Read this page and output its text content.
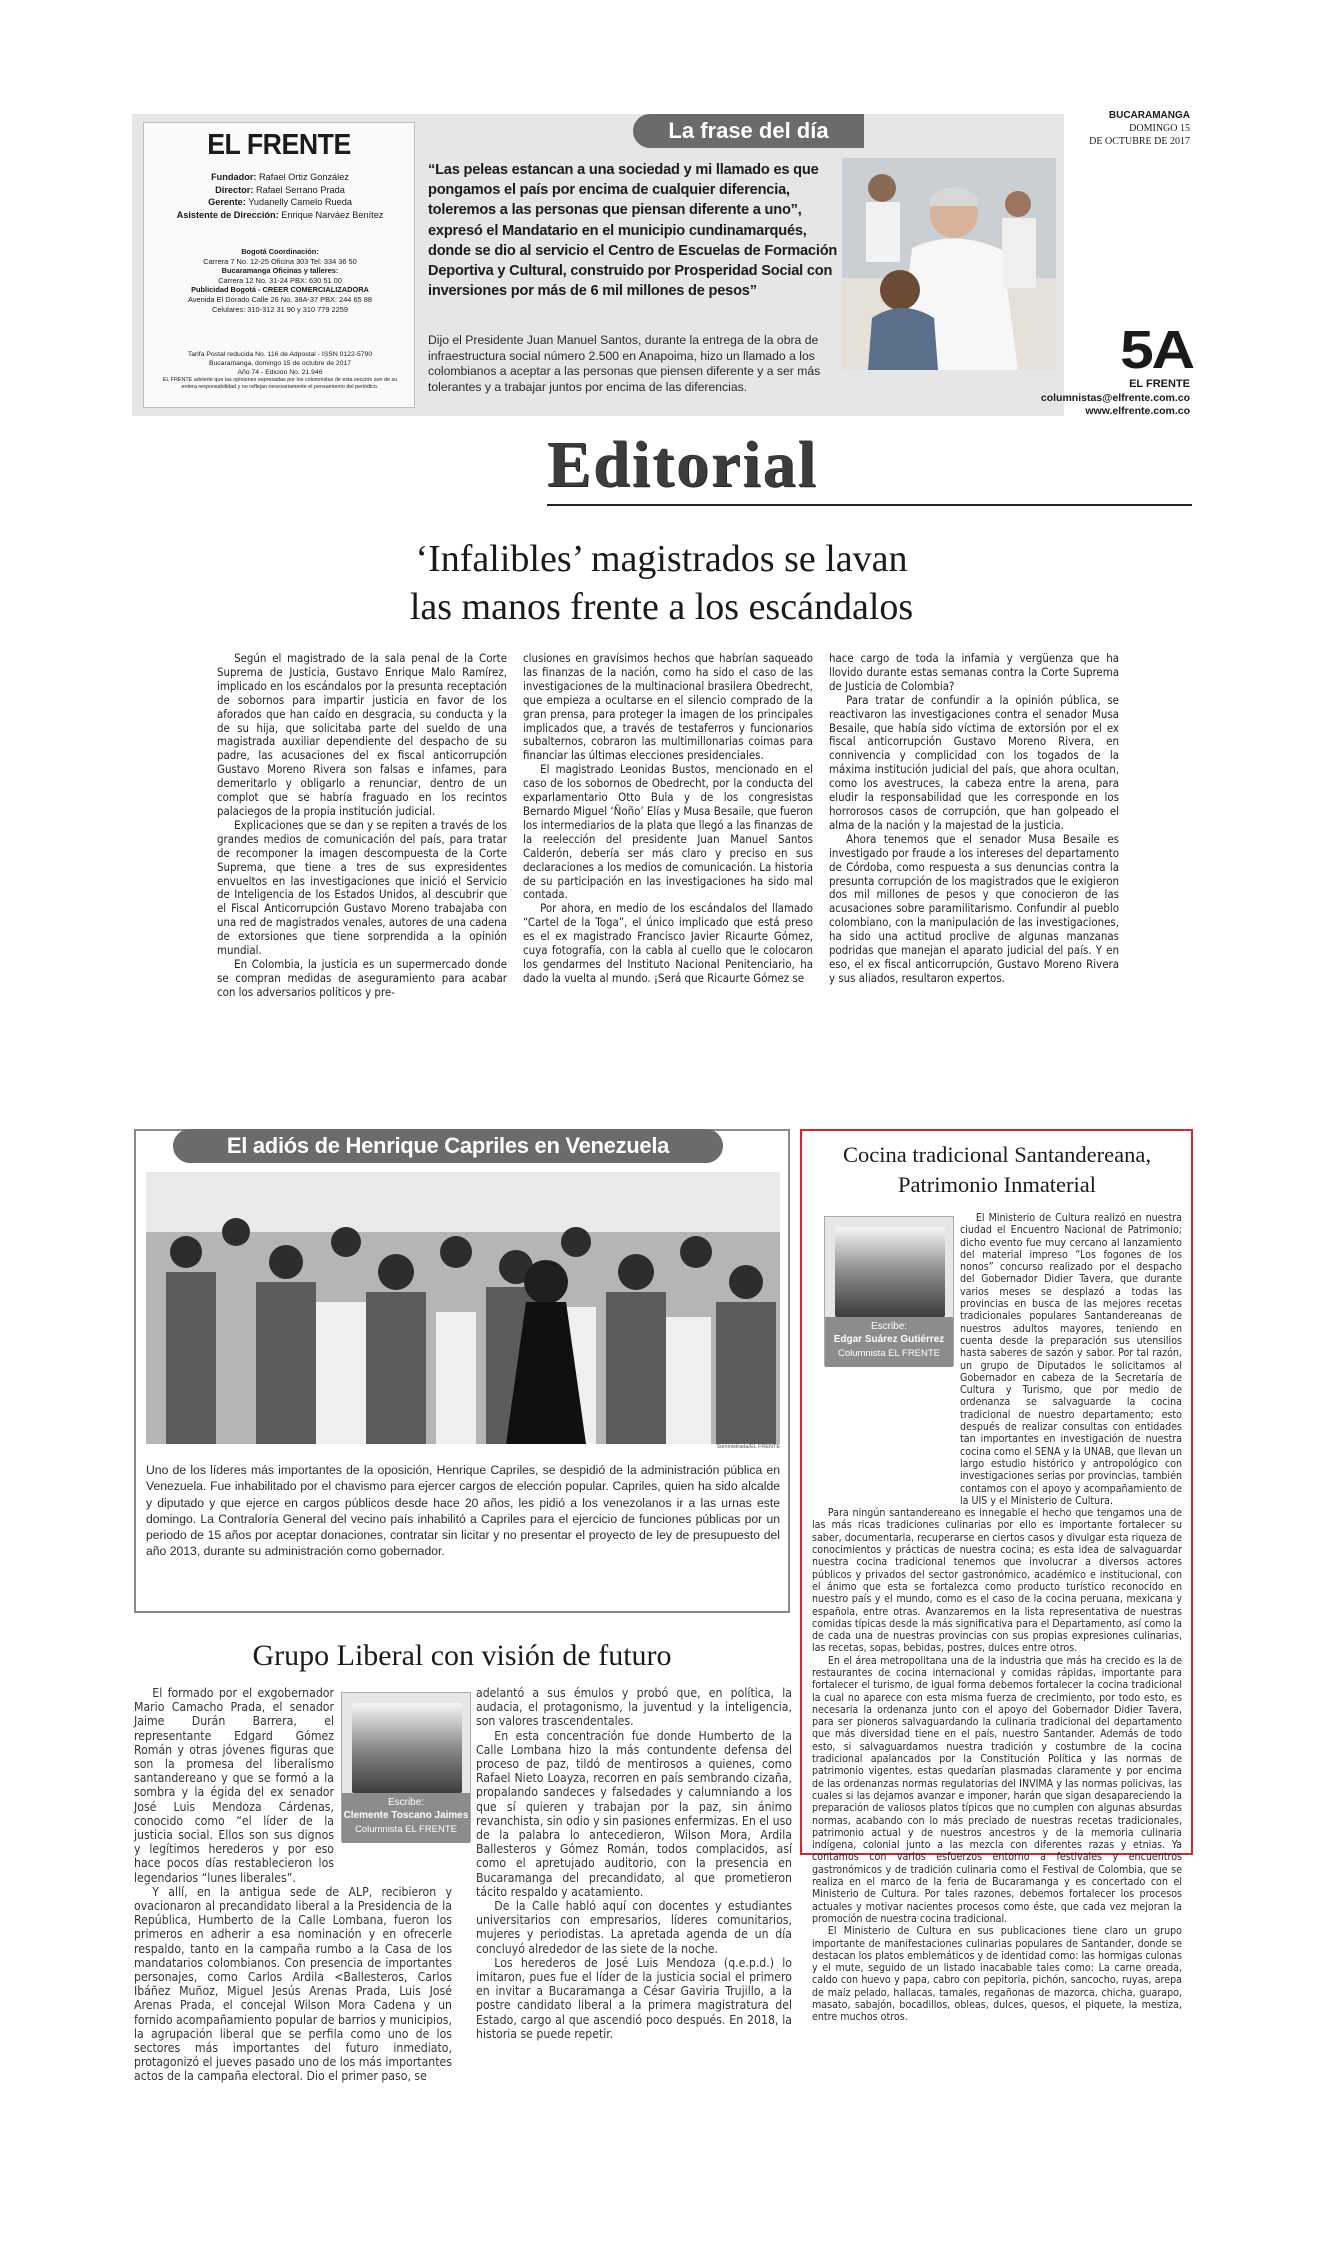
EL FRENTE
Fundador: Rafael Ortiz González
Director: Rafael Serrano Prada
Gerente: Yudanelly Camelo Rueda
Asistente de Dirección: Enrique Narváez Benítez
Bogotá Coordinación:
Carrera 7 No. 12-25 Oficina 303 Tel: 334 36 50
Bucaramanga Oficinas y talleres:
Carrera 12 No. 31-24 PBX: 630 51 00
Publicidad Bogotá - CREER COMERCIALIZADORA
Avenida El Dorado Calle 26 No. 38A-37 PBX: 244 65 88
Celulares: 310-312 31 90 y 310 779 2259
Tarifa Postal reducida No. 116 de Adpostal - ISSN 0122-5790
Bucaramanga, domingo 15 de octubre de 2017
Año 74 - Edición No. 21.946
EL FRENTE advierte que las opiniones expresadas por los columnistas de esta sección son de su entera responsabilidad y no reflejan necesariamente el pensamiento del periódico.
La frase del día
“Las peleas estancan a una sociedad y mi llamado es que pongamos el país por encima de cualquier diferencia, toleremos a las personas que piensan diferente a uno”, expresó el Mandatario en el municipio cundinamarqués, donde se dio al servicio el Centro de Escuelas de Formación Deportiva y Cultural, construido por Prosperidad Social con inversiones por más de 6 mil millones de pesos”
Dijo el Presidente Juan Manuel Santos, durante la entrega de la obra de infraestructura social número 2.500 en Anapoima, hizo un llamado a los colombianos a aceptar a las personas que piensen diferente y a ser más tolerantes y a trabajar juntos por encima de las diferencias.
BUCARAMANGA
DOMINGO 15
DE OCTUBRE DE 2017
5A
EL FRENTE
columnistas@elfrente.com.co
www.elfrente.com.co
Editorial
‘Infalibles’ magistrados se lavan
las manos frente a los escándalos

Según el magistrado de la sala penal de la Corte Suprema de Justicia, Gustavo Enrique Malo Ramírez, implicado en los escándalos por la presunta receptación de sobornos para impartir justicia en favor de los aforados que han caído en desgracia, su conducta y la de su hija, que solicitaba parte del sueldo de una magistrada auxiliar dependiente del despacho de su padre, las acusaciones del ex fiscal anticorrupción Gustavo Moreno Rivera son falsas e infames, para demeritarlo y obligarlo a renunciar, dentro de un complot que se habría fraguado en los recintos palaciegos de la propia institución judicial.

Explicaciones que se dan y se repiten a través de los grandes medios de comunicación del país, para tratar de recomponer la imagen descompuesta de la Corte Suprema, que tiene a tres de sus expresidentes envueltos en las investigaciones que inició el Servicio de Inteligencia de los Estados Unidos, al descubrir que el Fiscal Anticorrupción Gustavo Moreno trabajaba con una red de magistrados venales, autores de una cadena de extorsiones que tiene sorprendida a la opinión mundial.

En Colombia, la justicia es un supermercado donde se compran medidas de aseguramiento para acabar con los adversarios políticos y pre-

clusiones en gravísimos hechos que habrían saqueado las finanzas de la nación, como ha sido el caso de las investigaciones de la multinacional brasilera Obedrecht, que empieza a ocultarse en el silencio comprado de la gran prensa, para proteger la imagen de los principales implicados que, a través de testaferros y funcionarios subalternos, cobraron las multimillonarias coimas para financiar las últimas elecciones presidenciales.

El magistrado Leonidas Bustos, mencionado en el caso de los sobornos de Obedrecht, por la conducta del exparlamentario Otto Bula y de los congresistas Bernardo Miguel ‘Ñoño’ Elías y Musa Besaile, que fueron los intermediarios de la plata que llegó a las finanzas de la reelección del presidente Juan Manuel Santos Calderón, debería ser más claro y preciso en sus declaraciones a los medios de comunicación. La historia de su participación en las investigaciones ha sido mal contada.

Por ahora, en medio de los escándalos del llamado “Cartel de la Toga”, el único implicado que está preso es el ex magistrado Francisco Javier Ricaurte Gómez, cuya fotografía, con la cabla al cuello que le colocaron los gendarmes del Instituto Nacional Penitenciario, ha dado la vuelta al mundo. ¡Será que Ricaurte Gómez se

hace cargo de toda la infamia y vergüenza que ha llovido durante estas semanas contra la Corte Suprema de Justicia de Colombia?

Para tratar de confundir a la opinión pública, se reactivaron las investigaciones contra el senador Musa Besaile, que había sido víctima de extorsión por el ex fiscal anticorrupción Gustavo Moreno Rivera, en connivencia y complicidad con los togados de la máxima institución judicial del país, que ahora ocultan, como los avestruces, la cabeza entre la arena, para eludir la responsabilidad que les corresponde en los horrorosos casos de corrupción, que han golpeado el alma de la nación y la majestad de la justicia.

Ahora tenemos que el senador Musa Besaile es investigado por fraude a los intereses del departamento de Córdoba, como respuesta a sus denuncias contra la presunta corrupción de los magistrados que le exigieron dos mil millones de pesos y que conocieron de las acusaciones sobre paramilitarismo. Confundir al pueblo colombiano, con la manipulación de las investigaciones, ha sido una actitud proclive de algunas manzanas podridas que manejan el aparato judicial del país. Y en eso, el ex fiscal anticorrupción, Gustavo Moreno Rivera y sus aliados, resultaron expertos.

El adiós de Henrique Capriles en Venezuela
Suministrada/EL FRENTE
Uno de los líderes más importantes de la oposición, Henrique Capriles, se despidió de la administración pública en Venezuela. Fue inhabilitado por el chavismo para ejercer cargos de elección popular. Capriles, quien ha sido alcalde y diputado y que ejerce en cargos públicos desde hace 20 años, les pidió a los venezolanos ir a las urnas este domingo. La Contraloría General del vecino país inhabilitó a Capriles para el ejercicio de funciones públicas por un periodo de 15 años por aceptar donaciones, contratar sin licitar y no presentar el proyecto de ley de presupuesto del año 2013, durante su administración como gobernador.
Grupo Liberal con visión de futuro
Escribe:
Clemente Toscano Jaimes
Columnista EL FRENTE

El formado por el exgobernador Mario Camacho Prada, el senador Jaime Durán Barrera, el representante Edgard Gómez Román y otras jóvenes figuras que son la promesa del liberalismo santandereano y que se formó a la sombra y la égida del ex senador José Luis Mendoza Cárdenas, conocido como “el líder de la justicia social. Ellos son sus dignos y legítimos herederos y por eso hace pocos días restablecieron los legendarios “lunes liberales”.

Y allí, en la antigua sede de ALP, recibieron y ovacionaron al precandidato liberal a la Presidencia de la República, Humberto de la Calle Lombana, fueron los primeros en adherir a esa nominación y en ofrecerle respaldo, tanto en la campaña rumbo a la Casa de los mandatarios colombianos. Con presencia de importantes personajes, como Carlos Ardila <Ballesteros, Carlos Ibáñez Muñoz, Miguel Jesús Arenas Prada, Luis José Arenas Prada, el concejal Wilson Mora Cadena y un fornido acompañamiento popular de barrios y municipios, la agrupación liberal que se perfila como uno de los sectores más importantes del futuro inmediato, protagonizó el jueves pasado uno de los más importantes actos de la campaña electoral. Dio el primer paso, se

adelantó a sus émulos y probó que, en política, la audacia, el protagonismo, la juventud y la inteligencia, son valores trascendentales.

En esta concentración fue donde Humberto de la Calle Lombana hizo la más contundente defensa del proceso de paz, tildó de mentirosos a quienes, como Rafael Nieto Loayza, recorren en país sembrando cizaña, propalando sandeces y falsedades y calumniando a los que sí quieren y trabajan por la paz, sin ánimo revanchista, sin odio y sin pasiones enfermizas. En el uso de la palabra lo antecedieron, Wilson Mora, Ardila Ballesteros y Gómez Román, todos complacidos, así como el apretujado auditorio, con la presencia en Bucaramanga del precandidato, al que prometieron tácito respaldo y acatamiento.

De la Calle habló aquí con docentes y estudiantes universitarios con empresarios, líderes comunitarios, mujeres y periodistas. La apretada agenda de un día concluyó alrededor de las siete de la noche.

Los herederos de José Luis Mendoza (q.e.p.d.) lo imitaron, pues fue el líder de la justicia social el primero en invitar a Bucaramanga a César Gaviria Trujillo, a la postre candidato liberal a la primera magistratura del Estado, cargo al que ascendió poco después. En 2018, la historia se puede repetir.

Cocina tradicional Santandereana,
Patrimonio Inmaterial
Escribe:
Edgar Suárez Gutiérrez
Columnista EL FRENTE

El Ministerio de Cultura realizó en nuestra ciudad el Encuentro Nacional de Patrimonio; dicho evento fue muy cercano al lanzamiento del material impreso “Los fogones de los nonos” concurso realizado por el despacho del Gobernador Didier Tavera, que durante varios meses se desplazó a todas las provincias en busca de las mejores recetas tradicionales populares Santandereanas de nuestros adultos mayores, teniendo en cuenta desde la preparación sus utensilios hasta saberes de sazón y sabor. Por tal razón, un grupo de Diputados le solicitamos al Gobernador en cabeza de la Secretaría de Cultura y Turismo, que por medio de ordenanza se salvaguarde la cocina tradicional de nuestro departamento; esto después de realizar consultas con entidades tan importantes en investigación de nuestra cocina como el SENA y la UNAB, que llevan un largo estudio histórico y antropológico con investigaciones serias por provincias, también contamos con el apoyo y acompañamiento de la UIS y el Ministerio de Cultura.

Para ningún santandereano es innegable el hecho que tengamos una de las más ricas tradiciones culinarias por ello es importante fortalecer su saber, documentarla, recuperarse en ciertos casos y divulgar esta riqueza de conocimientos y prácticas de nuestra cocina; es esta idea de salvaguardar nuestra cocina tradicional tenemos que involucrar a diversos actores públicos y privados del sector gastronómico, académico e institucional, con el ánimo que esta se fortalezca como producto turístico reconocido en nuestro país y el mundo, como es el caso de la cocina peruana, mexicana y española, entre otras. Avanzaremos en la lista representativa de nuestras comidas típicas desde la más significativa para el Departamento, así como la de cada una de nuestras provincias con sus propias expresiones culinarias, las recetas, sopas, bebidas, postres, dulces entre otros.

En el área metropolitana una de la industria que más ha crecido es la de restaurantes de cocina internacional y comidas rápidas, importante para fortalecer el turismo, de igual forma debemos fortalecer la cocina tradicional la cual no aparece con esta misma fuerza de crecimiento, por todo esto, es necesaria la ordenanza junto con el apoyo del Gobernador Didier Tavera, para ser pioneros salvaguardando la culinaria tradicional del departamento que más diversidad tiene en el país, nuestro Santander. Además de todo esto, si salvaguardamos nuestra tradición y costumbre de la cocina tradicional apalancados por la Constitución Política y las normas de patrimonio vigentes, estas quedarían plasmadas claramente y por encima de las ordenanzas normas regulatorias del INVIMA y las normas policivas, las cuales si las dejamos avanzar e imponer, harán que sigan desapareciendo la preparación de valiosos platos típicos que no cumplen con algunas absurdas normas, acabando con lo más preciado de nuestras recetas tradicionales, patrimonio actual y de nuestros ancestros y de la memoria culinaria indígena, colonial junto a las mezcla con diferentes razas y etnias. Ya contamos con varios esfuerzos entorno a festivales y encuentros gastronómicos y de tradición culinaria como el Festival de Colombia, que se realiza en el marco de la feria de Bucaramanga y es concertado con el Ministerio de Cultura. Por tales razones, debemos fortalecer los procesos actuales y motivar nacientes procesos como éste, que cada vez mejoran la promoción de nuestra cocina tradicional.

El Ministerio de Cultura en sus publicaciones tiene claro un grupo importante de manifestaciones culinarias populares de Santander, donde se destacan los platos emblemáticos y de identidad como: las hormigas culonas y el mute, seguido de un listado inacabable tales como: La carne oreada, caldo con huevo y papa, cabro con pepitoria, pichón, sancocho, ruyas, arepa de maíz pelado, hallacas, tamales, regañonas de mazorca, chicha, guarapo, masato, sabajón, bocadillos, obleas, dulces, quesos, el piquete, la mestiza, entre muchos otros.
